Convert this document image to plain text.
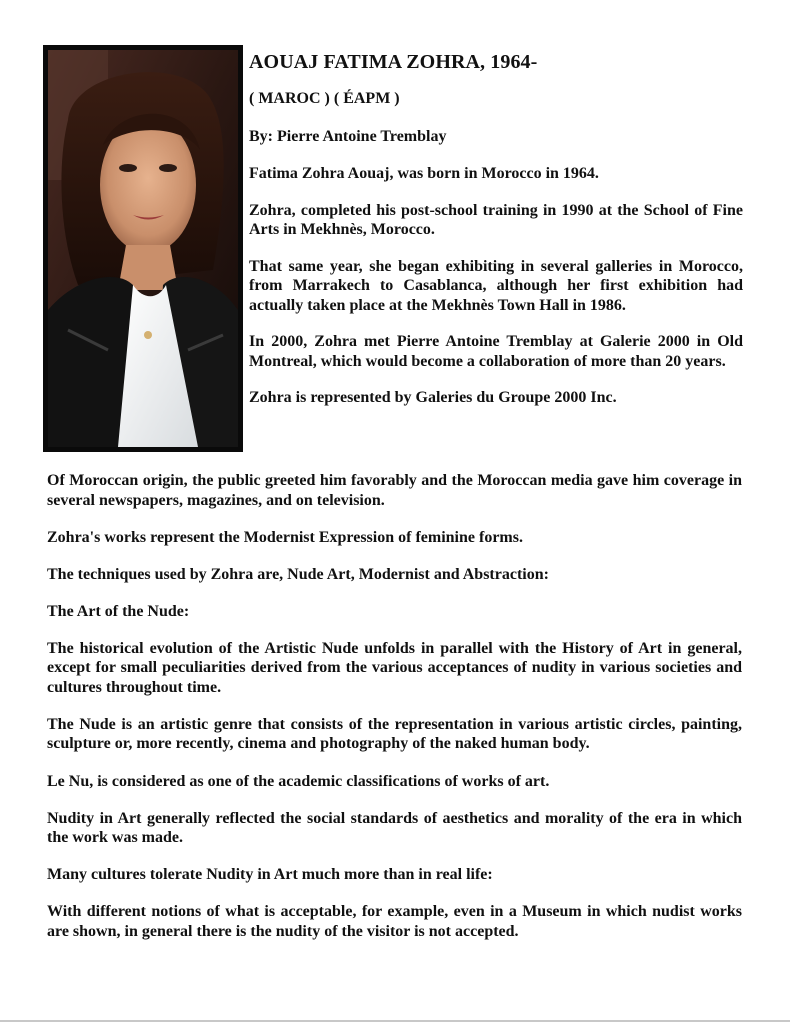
AOUAJ FATIMA ZOHRA, 1964-

( MAROC ) ( ÉAPM )

By: Pierre Antoine Tremblay

Fatima Zohra Aouaj, was born in Morocco in 1964.

Zohra, completed his post-school training in 1990 at the School of Fine Arts in Mekhnès, Morocco.

That same year, she began exhibiting in several galleries in Morocco, from Marrakech to Casablanca, although her first exhibition had actually taken place at the Mekhnès Town Hall in 1986.

In 2000, Zohra met Pierre Antoine Tremblay at Galerie 2000 in Old Montreal, which would become a collaboration of more than 20 years.

Zohra is represented by Galeries du Groupe 2000 Inc.

Of Moroccan origin, the public greeted him favorably and the Moroccan media gave him coverage in several newspapers, magazines, and on television.

Zohra's works represent the Modernist Expression of feminine forms.

The techniques used by Zohra are, Nude Art, Modernist and Abstraction:

The Art of the Nude:

The historical evolution of the Artistic Nude unfolds in parallel with the History of Art in general, except for small peculiarities derived from the various acceptances of nudity in various societies and cultures throughout time.

The Nude is an artistic genre that consists of the representation in various artistic circles, painting, sculpture or, more recently, cinema and photography of the naked human body.

Le Nu, is considered as one of the academic classifications of works of art.

Nudity in Art generally reflected the social standards of aesthetics and morality of the era in which the work was made.

Many cultures tolerate Nudity in Art much more than in real life:

With different notions of what is acceptable, for example, even in a Museum in which nudist works are shown, in general there is the nudity of the visitor is not accepted.
